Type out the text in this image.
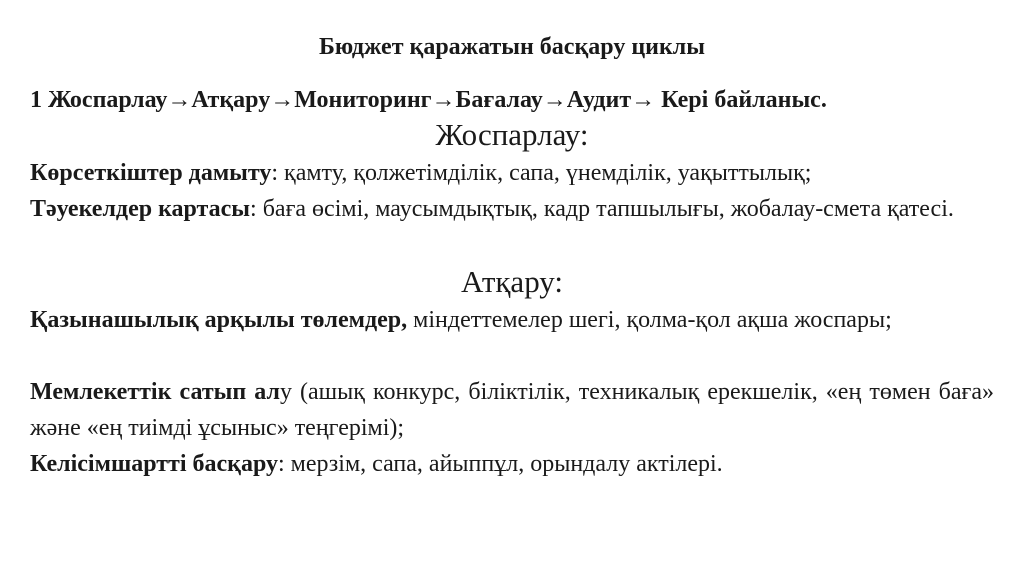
Бюджет қаражатын басқару циклы
1 Жоспарлау→Атқару→Мониторинг→Бағалау→Аудит→ Кері байланыс.
Жоспарлау:
Көрсеткіштер дамыту: қамту, қолжетімділік, сапа, үнемділік, уақыттылық;
Тәуекелдер картасы: баға өсімі, маусымдықтық, кадр тапшылығы, жобалау-смета қатесі.
Атқару:
Қазынашылық арқылы төлемдер, міндеттемелер шегі, қолма-қол ақша жоспары;
Мемлекеттік сатып алу (ашық конкурс, біліктілік, техникалық ерекшелік, «ең төмен баға» және «ең тиімді ұсыныс» теңгерімі);
Келісімшартті басқару: мерзім, сапа, айыппұл, орындалу актілері.
